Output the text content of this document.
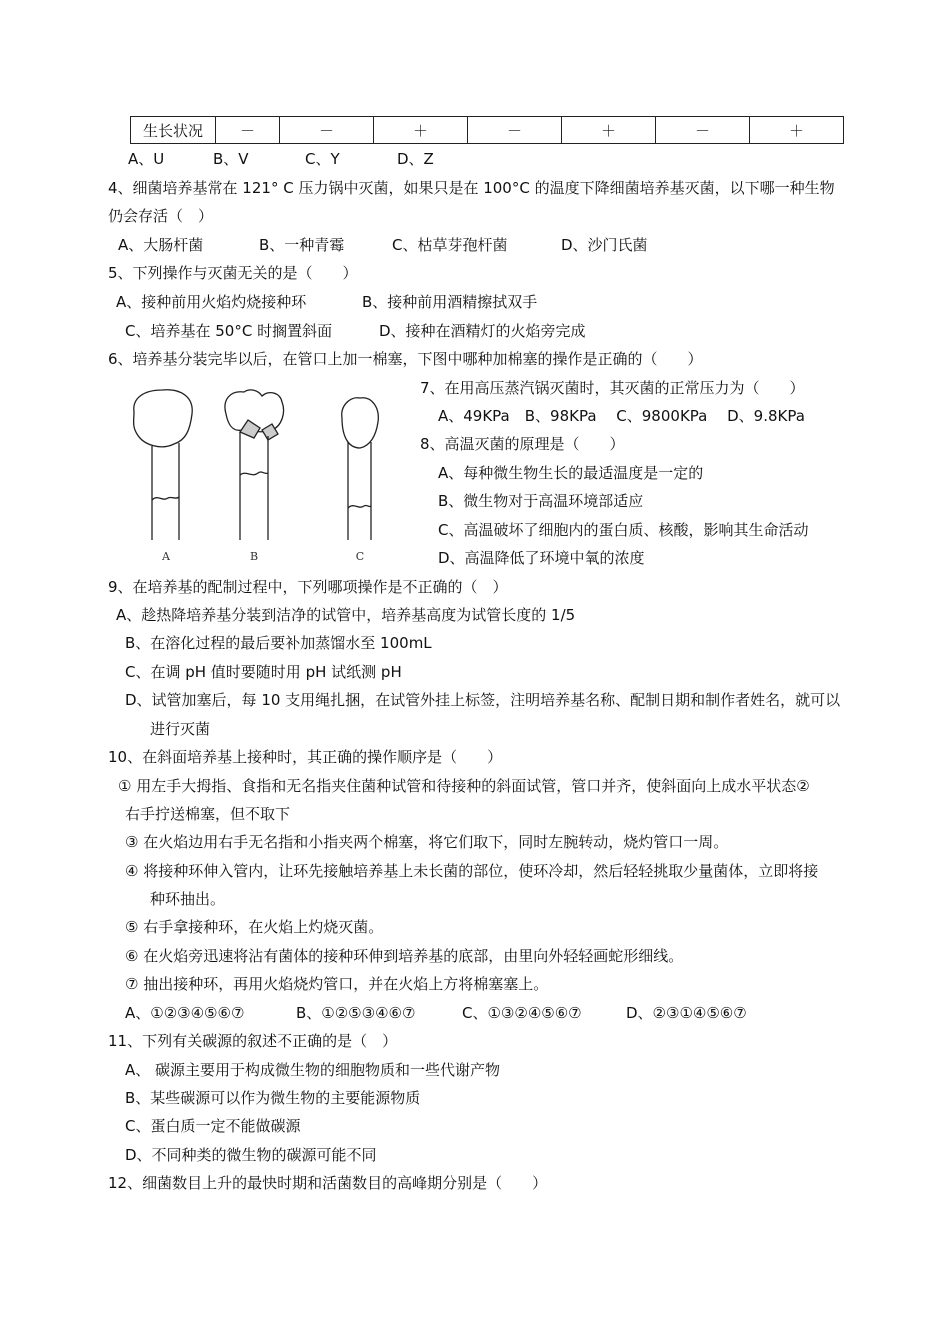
生长状况	－	－	＋	－	＋	－	＋
A、U	B、V	C、Y	D、Z
4、细菌培养基常在 121° C 压力锅中灭菌，如果只是在 100°C 的温度下降细菌培养基灭菌，以下哪一种生物
仍会存活（　）
A、大肠杆菌	B、一种青霉	C、枯草芽孢杆菌	D、沙门氏菌
5、下列操作与灭菌无关的是（　　）
A、接种前用火焰灼烧接种环	B、接种前用酒精擦拭双手
C、培养基在 50°C 时搁置斜面	D、接种在酒精灯的火焰旁完成
6、培养基分装完毕以后，在管口上加一棉塞，下图中哪种加棉塞的操作是正确的（　　）
A	B	C
7、在用高压蒸汽锅灭菌时，其灭菌的正常压力为（　　）
A、49KPa　B、98KPa　 C、9800KPa　 D、9.8KPa
8、高温灭菌的原理是（　　）
A、每种微生物生长的最适温度是一定的
B、微生物对于高温环境部适应
C、高温破坏了细胞内的蛋白质、核酸，影响其生命活动
D、高温降低了环境中氧的浓度
9、在培养基的配制过程中，下列哪项操作是不正确的（　）
A、趁热降培养基分装到洁净的试管中，培养基高度为试管长度的 1/5
B、在溶化过程的最后要补加蒸馏水至 100mL
C、在调 pH 值时要随时用 pH 试纸测 pH
D、试管加塞后，每 10 支用绳扎捆，在试管外挂上标签，注明培养基名称、配制日期和制作者姓名，就可以
进行灭菌
10、在斜面培养基上接种时，其正确的操作顺序是（　　）
① 用左手大拇指、食指和无名指夹住菌种试管和待接种的斜面试管，管口并齐，使斜面向上成水平状态②
右手拧送棉塞，但不取下
③ 在火焰边用右手无名指和小指夹两个棉塞，将它们取下，同时左腕转动，烧灼管口一周。
④ 将接种环伸入管内，让环先接触培养基上未长菌的部位，使环冷却，然后轻轻挑取少量菌体，立即将接
种环抽出。
⑤ 右手拿接种环，在火焰上灼烧灭菌。
⑥ 在火焰旁迅速将沾有菌体的接种环伸到培养基的底部，由里向外轻轻画蛇形细线。
⑦ 抽出接种环，再用火焰烧灼管口，并在火焰上方将棉塞塞上。
A、①②③④⑤⑥⑦	B、①②⑤③④⑥⑦	C、①③②④⑤⑥⑦	D、②③①④⑤⑥⑦
11、下列有关碳源的叙述不正确的是（　）
A、 碳源主要用于构成微生物的细胞物质和一些代谢产物
B、某些碳源可以作为微生物的主要能源物质
C、蛋白质一定不能做碳源
D、不同种类的微生物的碳源可能不同
12、细菌数目上升的最快时期和活菌数目的高峰期分别是（　　）
